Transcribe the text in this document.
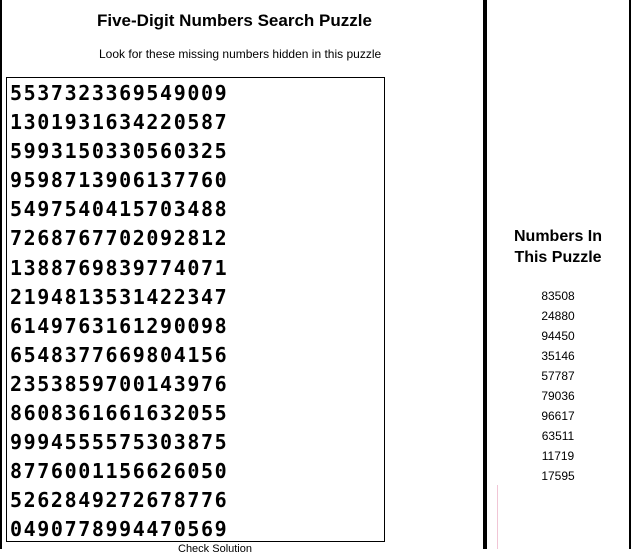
Five-Digit Numbers Search Puzzle
Look for these missing numbers hidden in this puzzle
5537323369549009
1301931634220587
5993150330560325
9598713906137760
5497540415703488
7268767702092812
1388769839774071
2194813531422347
6149763161290098
6548377669804156
2353859700143976
8608361661632055
9994555575303875
8776001156626050
5262849272678776
0490778994470569
Check Solution
Numbers In
This Puzzle
83508
24880
94450
35146
57787
79036
96617
63511
11719
17595
